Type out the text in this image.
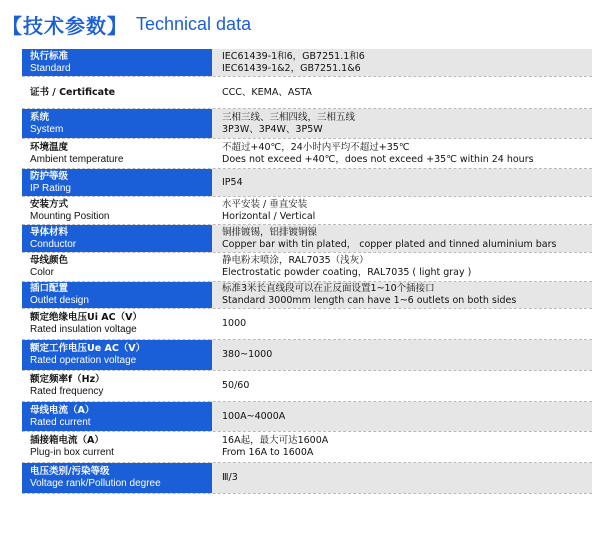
【技术参数】 Technical data
执行标准
Standard
IEC61439-1和6，GB7251.1和6
IEC61439-1&2，GB7251.1&6
证书 / Certificate	CCC、KEMA、ASTA
系统
System
三相三线、三相四线，三相五线
3P3W、3P4W、3P5W
环境温度
Ambient temperature
不超过+40℃，24小时内平均不超过+35℃
Does not exceed +40℃，does not exceed +35℃ within 24 hours
防护等级
IP Rating
IP54
安装方式
Mounting Position
水平安装 / 垂直安装
Horizontal / Vertical
导体材料
Conductor
铜排镀锡，铝排镀铜镍
Copper bar with tin plated， copper plated and tinned aluminium bars
母线颜色
Color
静电粉末喷涂，RAL7035（浅灰）
Electrostatic powder coating，RAL7035 ( light gray )
插口配置
Outlet design
标准3米长直线段可以在正反面设置1~10个插接口
Standard 3000mm length can have 1~6 outlets on both sides
额定绝缘电压Ui AC（V）
Rated insulation voltage
1000
额定工作电压Ue AC（V）
Rated operation voltage
380~1000
额定频率f（Hz）
Rated frequency
50/60
母线电流（A）
Rated current
100A~4000A
插接箱电流（A）
Plug-in box current
16A起，最大可达1600A
From 16A to 1600A
电压类别/污染等级
Voltage rank/Pollution degree
Ⅲ/3
